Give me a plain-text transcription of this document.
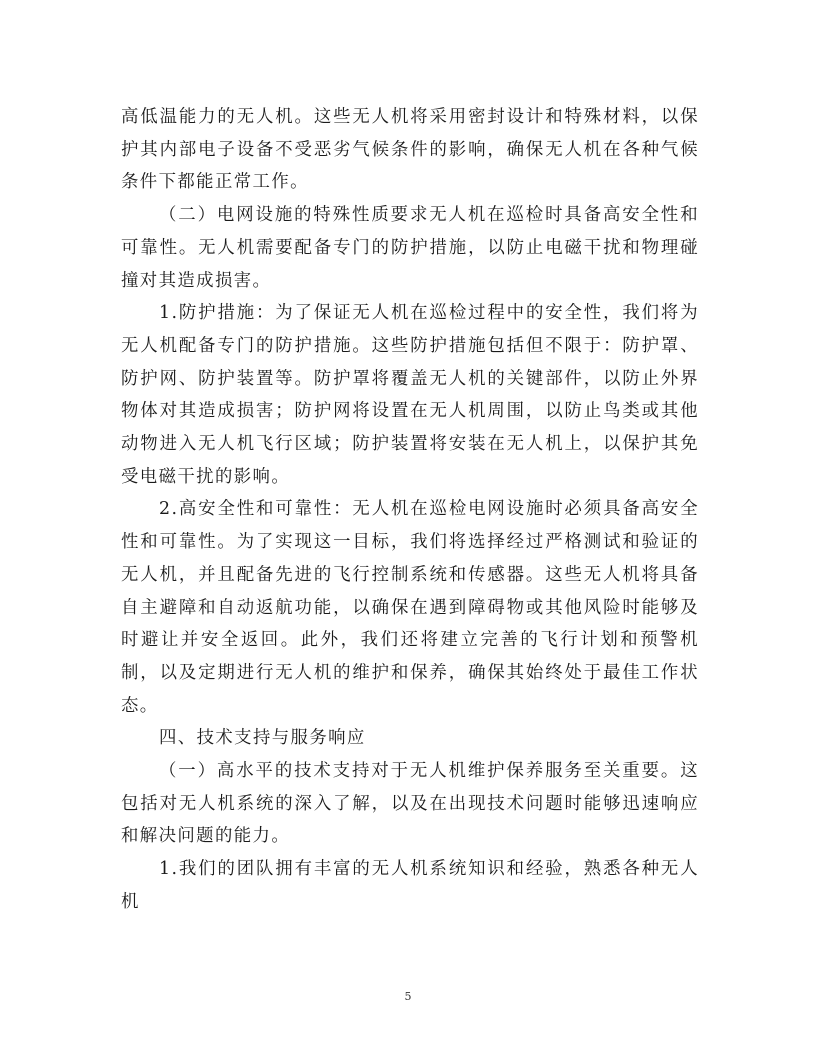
高低温能力的无人机。这些无人机将采用密封设计和特殊材料，以保护其内部电子设备不受恶劣气候条件的影响，确保无人机在各种气候条件下都能正常工作。

（二）电网设施的特殊性质要求无人机在巡检时具备高安全性和可靠性。无人机需要配备专门的防护措施，以防止电磁干扰和物理碰撞对其造成损害。

1.防护措施：为了保证无人机在巡检过程中的安全性，我们将为无人机配备专门的防护措施。这些防护措施包括但不限于：防护罩、防护网、防护装置等。防护罩将覆盖无人机的关键部件，以防止外界物体对其造成损害；防护网将设置在无人机周围，以防止鸟类或其他动物进入无人机飞行区域；防护装置将安装在无人机上，以保护其免受电磁干扰的影响。

2.高安全性和可靠性：无人机在巡检电网设施时必须具备高安全性和可靠性。为了实现这一目标，我们将选择经过严格测试和验证的无人机，并且配备先进的飞行控制系统和传感器。这些无人机将具备自主避障和自动返航功能，以确保在遇到障碍物或其他风险时能够及时避让并安全返回。此外，我们还将建立完善的飞行计划和预警机制，以及定期进行无人机的维护和保养，确保其始终处于最佳工作状态。

四、技术支持与服务响应

（一）高水平的技术支持对于无人机维护保养服务至关重要。这包括对无人机系统的深入了解，以及在出现技术问题时能够迅速响应和解决问题的能力。

1.我们的团队拥有丰富的无人机系统知识和经验，熟悉各种无人机

5
